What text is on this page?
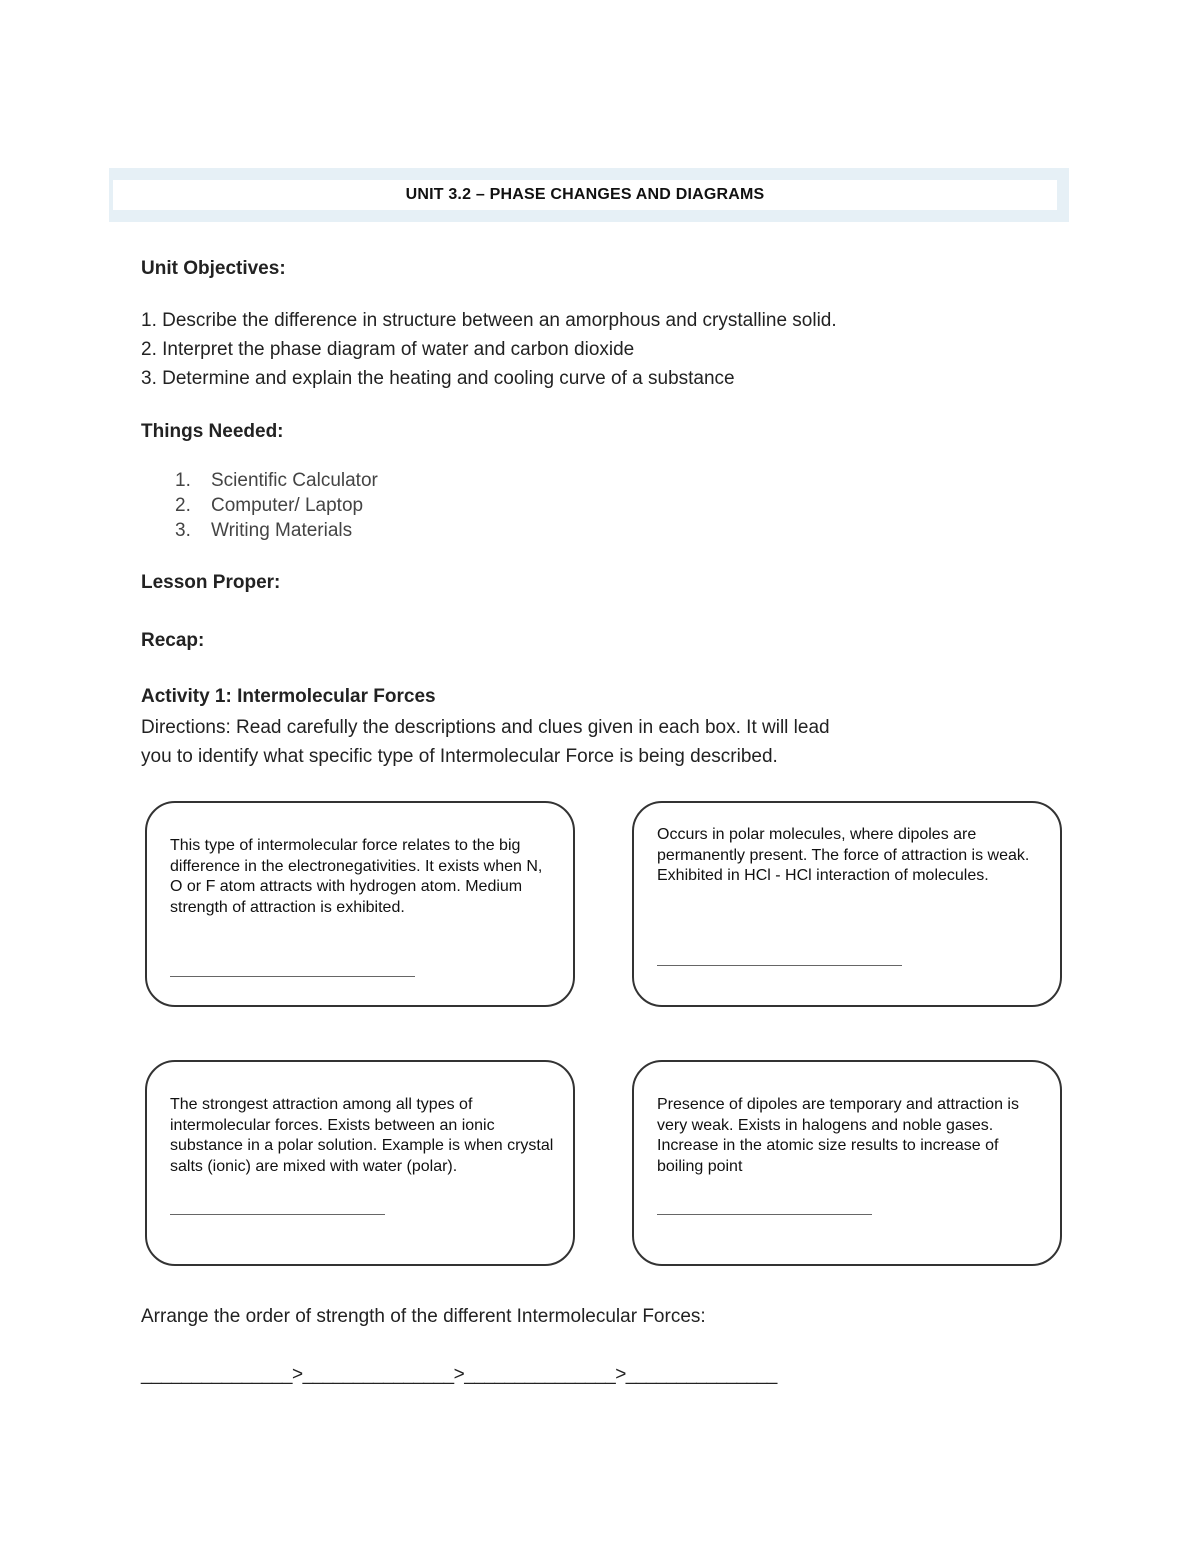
UNIT 3.2 – PHASE CHANGES AND DIAGRAMS
Unit Objectives:
1. Describe the difference in structure between an amorphous and crystalline solid.
2. Interpret the phase diagram of water and carbon dioxide
3. Determine and explain the heating and cooling curve of a substance
Things Needed:
1. Scientific Calculator
2. Computer/ Laptop
3. Writing Materials
Lesson Proper:
Recap:
Activity 1: Intermolecular Forces
Directions: Read carefully the descriptions and clues given in each box. It will lead
you to identify what specific type of Intermolecular Force is being described.
This type of intermolecular force relates to the big difference in the electronegativities. It exists when N, O or F atom attracts with hydrogen atom. Medium strength of attraction is exhibited.
Occurs in polar molecules, where dipoles are permanently present. The force of attraction is weak. Exhibited in HCl - HCl interaction of molecules.
The strongest attraction among all types of intermolecular forces. Exists between an ionic substance in a polar solution. Example is when crystal salts (ionic) are mixed with water (polar).
Presence of dipoles are temporary and attraction is very weak. Exists in halogens and noble gases. Increase in the atomic size results to increase of boiling point
Arrange the order of strength of the different Intermolecular Forces:
_______________>_______________>_______________>_______________
